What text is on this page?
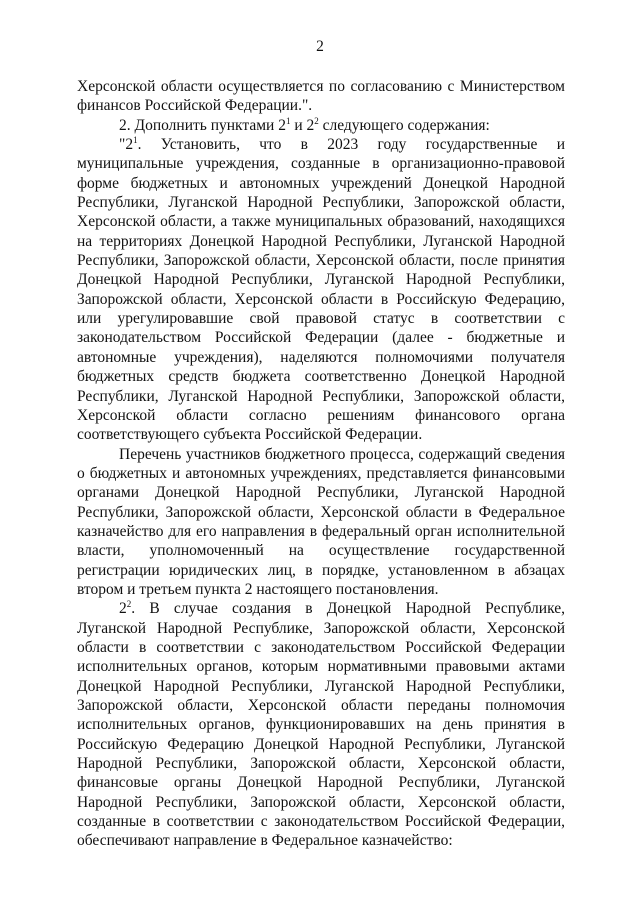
2

Херсонской области осуществляется по согласованию с Министерством финансов Российской Федерации.".

2. Дополнить пунктами $2^1$ и $2^2$ следующего содержания:

"$2^1$. Установить, что в 2023 году государственные и муниципальные учреждения, созданные в организационно-правовой форме бюджетных и автономных учреждений Донецкой Народной Республики, Луганской Народной Республики, Запорожской области, Херсонской области, а также муниципальных образований, находящихся на территориях Донецкой Народной Республики, Луганской Народной Республики, Запорожской области, Херсонской области, после принятия Донецкой Народной Республики, Луганской Народной Республики, Запорожской области, Херсонской области в Российскую Федерацию, или урегулировавшие свой правовой статус в соответствии с законодательством Российской Федерации (далее - бюджетные и автономные учреждения), наделяются полномочиями получателя бюджетных средств бюджета соответственно Донецкой Народной Республики, Луганской Народной Республики, Запорожской области, Херсонской области согласно решениям финансового органа соответствующего субъекта Российской Федерации.

Перечень участников бюджетного процесса, содержащий сведения о бюджетных и автономных учреждениях, представляется финансовыми органами Донецкой Народной Республики, Луганской Народной Республики, Запорожской области, Херсонской области в Федеральное казначейство для его направления в федеральный орган исполнительной власти, уполномоченный на осуществление государственной регистрации юридических лиц, в порядке, установленном в абзацах втором и третьем пункта 2 настоящего постановления.

$2^2$. В случае создания в Донецкой Народной Республике, Луганской Народной Республике, Запорожской области, Херсонской области в соответствии с законодательством Российской Федерации исполнительных органов, которым нормативными правовыми актами Донецкой Народной Республики, Луганской Народной Республики, Запорожской области, Херсонской области переданы полномочия исполнительных органов, функционировавших на день принятия в Российскую Федерацию Донецкой Народной Республики, Луганской Народной Республики, Запорожской области, Херсонской области, финансовые органы Донецкой Народной Республики, Луганской Народной Республики, Запорожской области, Херсонской области, созданные в соответствии с законодательством Российской Федерации, обеспечивают направление в Федеральное казначейство:
